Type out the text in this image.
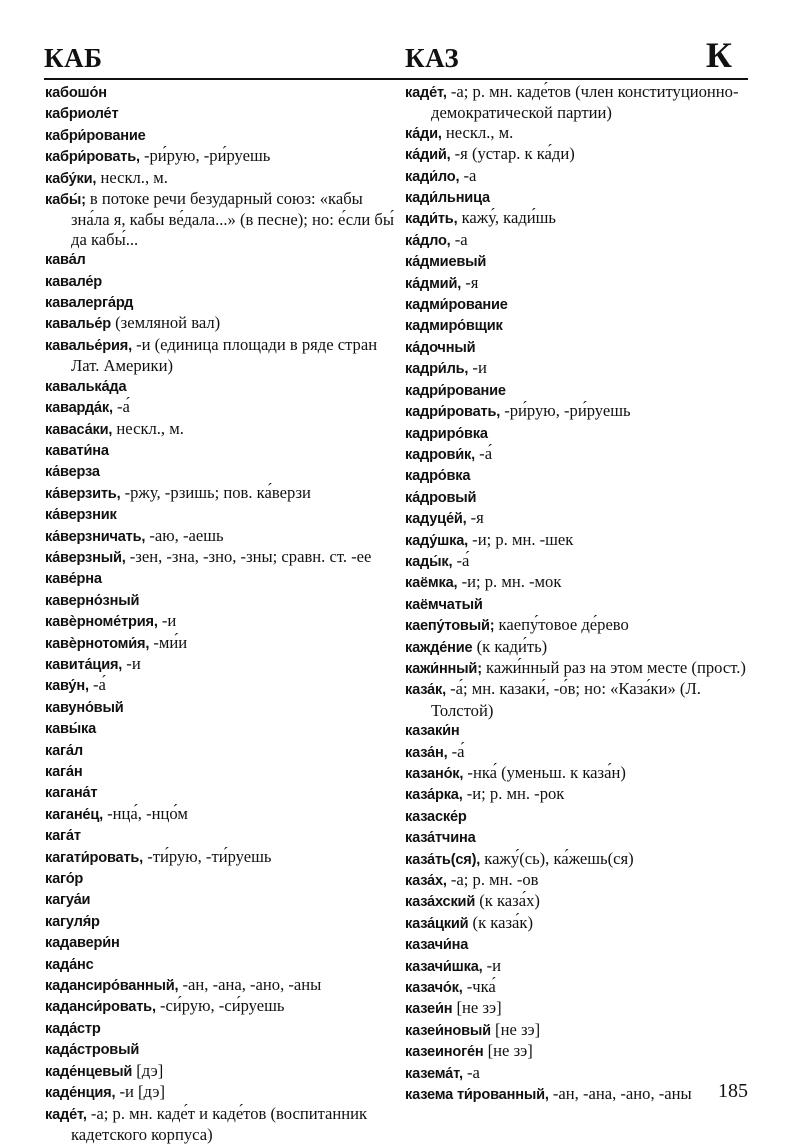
КАБ	КАЗ	К
кабошо́н
кабриоле́т
кабри́рование
кабри́ровать, -ри́рую, -ри́руешь
кабу́ки, нескл., м.
кабы́; в потоке речи безударный союз: «кабы зна́ла я, кабы ве́дала...» (в песне); но: е́сли бы́ да кабы́...
кава́л
кавале́р
кавалерга́рд
кавалье́р (земляной вал)
кавалье́рия, -и (единица площади в ряде стран Лат. Америки)
кавалька́да
каварда́к, -а́
каваса́ки, нескл., м.
кавати́на
ка́верза
ка́верзить, -ржу, -рзишь; пов. ка́верзи
ка́верзник
ка́верзничать, -аю, -аешь
ка́верзный, -зен, -зна, -зно, -зны; сравн. ст. -ее
каве́рна
каверно́зный
кавѐрноме́трия, -и
кавѐрнотоми́я, -ми́и
кавита́ция, -и
каву́н, -а́
кавуно́вый
кавы́ка
кага́л
кага́н
кагана́т
кагане́ц, -нца́, -нцо́м
кага́т
кагати́ровать, -ти́рую, -ти́руешь
каго́р
кагуа́и
кагуля́р
кадавери́н
када́нс
кадансиро́ванный, -ан, -ана, -ано, -аны
каданси́ровать, -си́рую, -си́руешь
када́стр
када́стровый
каде́нцевый [дэ]
каде́нция, -и [дэ]
каде́т, -а; р. мн. каде́т и каде́тов (воспитанник кадетского корпуса)
каде́т, -а; р. мн. каде́тов (член конституционно-демократической партии)
ка́ди, нескл., м.
ка́дий, -я (устар. к ка́ди)
кади́ло, -а
кади́льница
кади́ть, кажу́, кади́шь
ка́дло, -а
ка́дмиевый
ка́дмий, -я
кадми́рование
кадмиро́вщик
ка́дочный
кадри́ль, -и
кадри́рование
кадри́ровать, -ри́рую, -ри́руешь
кадриро́вка
кадрови́к, -а́
кадро́вка
ка́дровый
кадуце́й, -я
каду́шка, -и; р. мн. -шек
кады́к, -а́
каёмка, -и; р. мн. -мок
каёмчатый
каепу́товый; каепу́товое де́рево
кажде́ние (к кади́ть)
кажи́нный; кажи́нный раз на этом месте (прост.)
каза́к, -а́; мн. казаки́, -о́в; но: «Каза́ки» (Л. Толстой)
казаки́н
каза́н, -а́
казано́к, -нка́ (уменьш. к каза́н)
каза́рка, -и; р. мн. -рок
казаске́р
каза́тчина
каза́ть(ся), кажу́(сь), ка́жешь(ся)
каза́х, -а; р. мн. -ов
каза́хский (к каза́х)
каза́цкий (к каза́к)
казачи́на
казачи́шка, -и
казачо́к, -чка́
казеи́н [не зэ]
казеи́новый [не зэ]
казеиноге́н [не зэ]
казема́т, -а
казема ти́рованный, -ан, -ана, -ано, -аны	185
